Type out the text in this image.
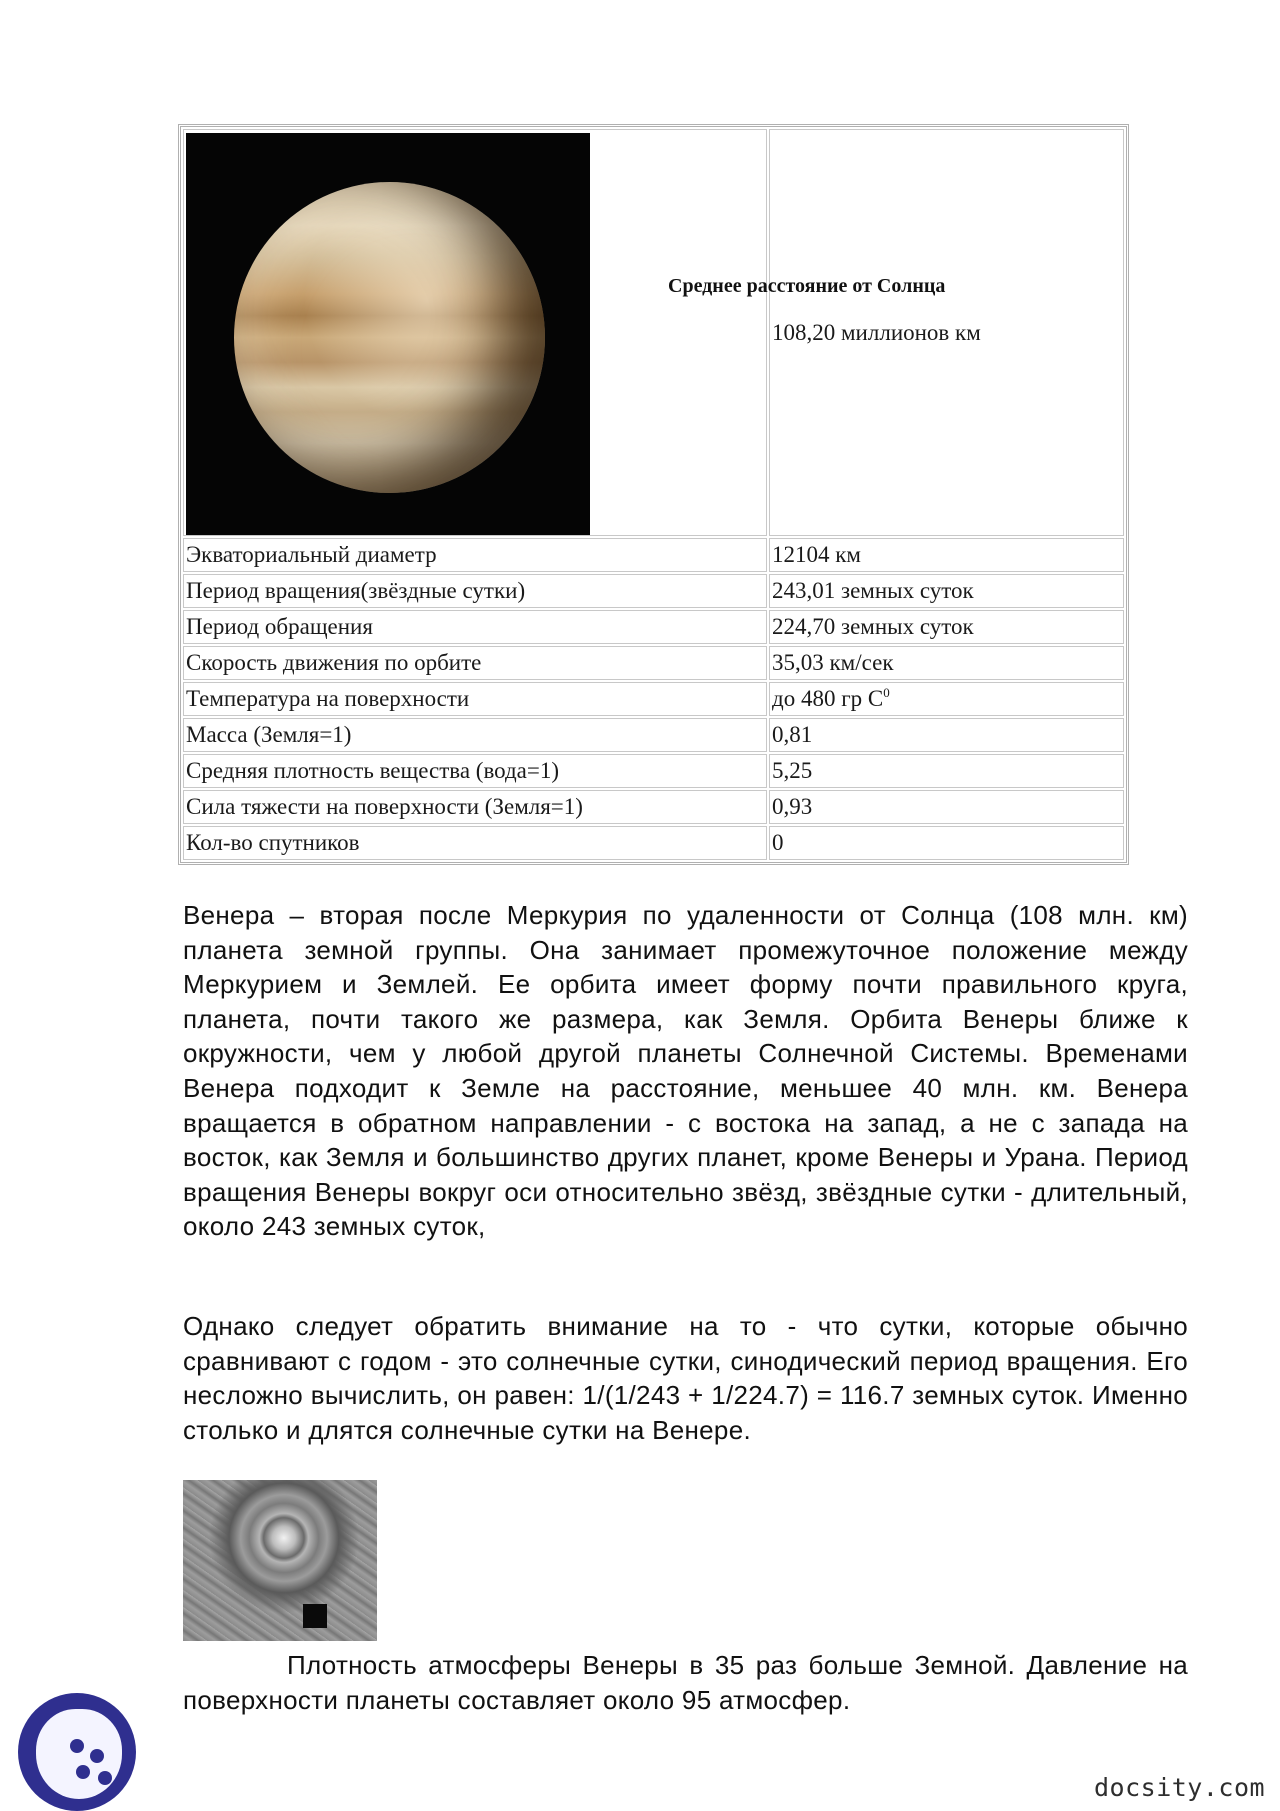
Среднее расстояние от Солнца	108,20 миллионов км
Экваториальный диаметр	12104 км
Период вращения(звёздные сутки)	243,01 земных суток
Период обращения	224,70 земных суток
Скорость движения по орбите	35,03 км/сек
Температура на поверхности	до 480 гр $С^0$
Масса (Земля=1)	0,81
Средняя плотность вещества (вода=1)	5,25
Сила тяжести на поверхности (Земля=1)	0,93
Кол-во спутников	0

Венера – вторая после Меркурия по удаленности от Солнца (108 млн. км) планета земной группы. Она занимает промежуточное положение между Меркурием и Землей. Ее орбита имеет форму почти правильного круга, планета, почти такого же размера, как Земля. Орбита Венеры ближе к окружности, чем у любой другой планеты Солнечной Системы. Временами Венера подходит к Земле на расстояние, меньшее 40 млн. км. Венера вращается в обратном направлении - с востока на запад, а не с запада на восток, как Земля и большинство других планет, кроме Венеры и Урана. Период вращения Венеры вокруг оси относительно звёзд, звёздные сутки - длительный, около 243 земных суток,

Однако следует обратить внимание на то - что сутки, которые обычно сравнивают с годом - это солнечные сутки, синодический период вращения. Его несложно вычислить, он равен: 1/(1/243 + 1/224.7) = 116.7 земных суток. Именно столько и длятся солнечные сутки на Венере.

Плотность атмосферы Венеры в 35 раз больше Земной. Давление на поверхности планеты составляет около 95 атмосфер.

docsity.com
